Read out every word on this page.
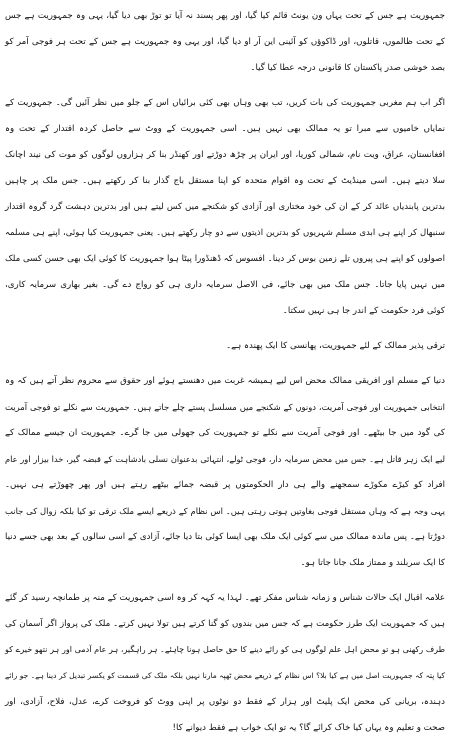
جمہوریت ہے جس کے تحت یہاں ون یونٹ قائم کیا گیا، اور پھر پسند نہ آیا تو توڑ بھی دیا گیا، یہی وہ جمہوریت ہے جس
کے تحت ظالموں، قاتلوں، اور ڈاکوؤں کو آئینی این آر او دیا گیا، اور یہی وہ جمہوریت ہے جس کے تحت ہر فوجی آمر کو
بصد خوشی صدر پاکستان کا قانونی درجہ عطا کیا گیا۔
اگر اب ہم مغربی جمہوریت کی بات کریں، تب بھی وہاں بھی کئی برائیاں اس کے جلو میں نظر آئیں گی۔ جمہوریت کے
نمایاں خامیوں سے مبرا تو یہ ممالک بھی نہیں ہیں۔ اسی جمہوریت کے ووٹ سے حاصل کردہ اقتدار کے تحت وہ
افغانستان، عراق، ویت نام، شمالی کوریا، اور ایران پر چڑھ دوڑتے اور کھنڈر بنا کر ہزاروں لوگوں کو موت کی نیند اچانک
سلا دیتے ہیں۔ اسی مینڈیٹ کے تحت وہ اقوام متحدہ کو اپنا مستقل باج گذار بنا کر رکھتے ہیں۔ جس ملک پر چاہیں
بدترین پابندیاں عائد کر کے ان کی خود مختاری اور آزادی کو شکنجے میں کس لیتے ہیں اور بدترین دہشت گرد گروہ اقتدار
سنبھال کر اپنے ہی ابدی مسلم شہریوں کو بدترین اذیتوں سے دو چار رکھتے ہیں۔ یعنی جمہوریت کیا ہوئی، اپنے ہی مسلمہ
اصولوں کو اپنے ہی پیروں تلے زمین بوس کر دینا۔ افسوس کہ ڈھنڈورا پیٹا ہوا جمہوریت کا کوئی ایک بھی حسن کسی ملک
میں نہیں پایا جاتا۔ جس ملک میں بھی جائے، فی الاصل سرمایہ داری ہی کو رواج دے گی۔ بغیر بھاری سرمایہ کاری،
کوئی فرد حکومت کے اندر جا ہی نہیں سکتا۔
ترقی پذیر ممالک کے لئے جمہوریت، پھانسی کا ایک پھندہ ہے۔
دنیا کے مسلم اور افریقی ممالک محض اس لیے ہمیشہ غربت میں دھنستے ہوئے اور حقوق سے محروم نظر آتے ہیں کہ وہ
انتخابی جمہوریت اور فوجی آمریت، دونوں کے شکنجے میں مسلسل پستے چلے جاتے ہیں۔ جمہوریت سے نکلے تو فوجی آمریت
کی گود میں جا بیٹھے۔ اور فوجی آمریت سے نکلے تو جمہوریت کی جھولی میں جا گرے۔ جمہوریت ان جیسے ممالک کے
لیے ایک زہر قاتل ہے۔ جس میں محض سرمایہ دار، فوجی ٹولے، انتہائی بدعنوان نسلی بادشاہت کے قبضہ گیر، خدا بیزار اور عام
افراد کو کیڑے مکوڑے سمجھنے والے ہی دار الحکومتوں پر قبضہ جمائے بیٹھے رہتے ہیں اور پھر چھوڑتے ہی نہیں۔
یہی وجہ ہے کہ وہاں مستقل فوجی بغاوتیں ہوتی رہتی ہیں۔ اس نظام کے ذریعے ایسے ملک ترقی تو کیا بلکہ زوال کی جانب
دوڑتا ہے۔ پس ماندہ ممالک میں سے کوئی ایک ملک بھی ایسا کوئی بتا دیا جائے، آزادی کے اسی سالوں کے بعد بھی جسے دنیا
کا ایک سربلند و ممتاز ملک جانا جاتا ہو۔
علامہ اقبال ایک حالات شناس و زمانہ شناس مفکر تھے۔ لہذا یہ کہہ کر وہ اسی جمہوریت کے منہ پر طمانچہ رسید کر گئے
ہیں کہ جمہوریت ایک طرز حکومت ہے کہ جس میں بندوں کو گنا کرتے ہیں تولا نہیں کرتے۔ ملک کی پرواز اگر آسمان کی
طرف رکھنی ہو تو محض اہل علم لوگوں ہی کو رائے دینے کا حق حاصل ہونا چاہئے۔ ہر راہگیر، ہر عام آدمی اور ہر نتھو خیرے کو
کیا پتہ کہ جمہوریت اصل میں ہے کیا بلا؟ اس نظام کے ذریعے محض ٹھپہ مارنا نہیں بلکہ ملک کی قسمت کو یکسر تبدیل کر دینا ہے۔ جو رائے
دہندہ، بریانی کی محض ایک پلیٹ اور ہزار کے فقط دو نوٹوں پر اپنی ووٹ کو فروخت کرے، عدل، فلاح، آزادی، اور
صحت و تعلیم وہ یہاں کیا خاک کرائے گا؟ یہ تو ایک خواب ہے فقط دیوانے کا!
